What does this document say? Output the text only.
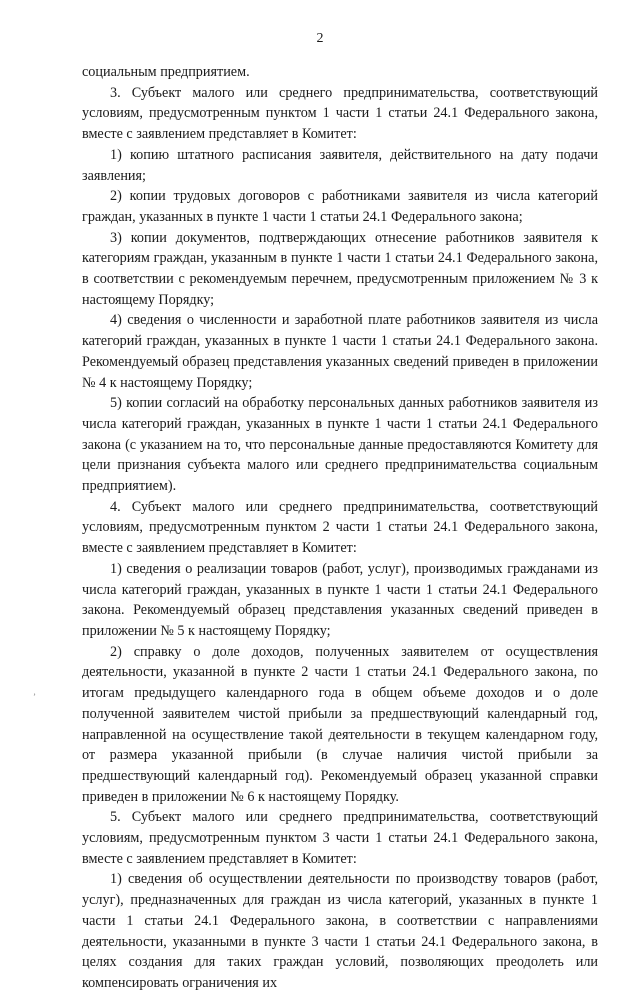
2

социальным предприятием.

3. Субъект малого или среднего предпринимательства, соответствующий условиям, предусмотренным пунктом 1 части 1 статьи 24.1 Федерального закона, вместе с заявлением представляет в Комитет:

1) копию штатного расписания заявителя, действительного на дату подачи заявления;

2) копии трудовых договоров с работниками заявителя из числа категорий граждан, указанных в пункте 1 части 1 статьи 24.1 Федерального закона;

3) копии документов, подтверждающих отнесение работников заявителя к категориям граждан, указанным в пункте 1 части 1 статьи 24.1 Федерального закона, в соответствии с рекомендуемым перечнем, предусмотренным приложением № 3 к настоящему Порядку;

4) сведения о численности и заработной плате работников заявителя из числа категорий граждан, указанных в пункте 1 части 1 статьи 24.1 Федерального закона. Рекомендуемый образец представления указанных сведений приведен в приложении № 4 к настоящему Порядку;

5) копии согласий на обработку персональных данных работников заявителя из числа категорий граждан, указанных в пункте 1 части 1 статьи 24.1 Федерального закона (с указанием на то, что персональные данные предоставляются Комитету для цели признания субъекта малого или среднего предпринимательства социальным предприятием).

4. Субъект малого или среднего предпринимательства, соответствующий условиям, предусмотренным пунктом 2 части 1 статьи 24.1 Федерального закона, вместе с заявлением представляет в Комитет:

1) сведения о реализации товаров (работ, услуг), производимых гражданами из числа категорий граждан, указанных в пункте 1 части 1 статьи 24.1 Федерального закона. Рекомендуемый образец представления указанных сведений приведен в приложении № 5 к настоящему Порядку;

2) справку о доле доходов, полученных заявителем от осуществления деятельности, указанной в пункте 2 части 1 статьи 24.1 Федерального закона, по итогам предыдущего календарного года в общем объеме доходов и о доле полученной заявителем чистой прибыли за предшествующий календарный год, направленной на осуществление такой деятельности в текущем календарном году, от размера указанной прибыли (в случае наличия чистой прибыли за предшествующий календарный год). Рекомендуемый образец указанной справки приведен в приложении № 6 к настоящему Порядку.

5. Субъект малого или среднего предпринимательства, соответствующий условиям, предусмотренным пунктом 3 части 1 статьи 24.1 Федерального закона, вместе с заявлением представляет в Комитет:

1) сведения об осуществлении деятельности по производству товаров (работ, услуг), предназначенных для граждан из числа категорий, указанных в пункте 1 части 1 статьи 24.1 Федерального закона, в соответствии с направлениями деятельности, указанными в пункте 3 части 1 статьи 24.1 Федерального закона, в целях создания для таких граждан условий, позволяющих преодолеть или компенсировать ограничения их

’
